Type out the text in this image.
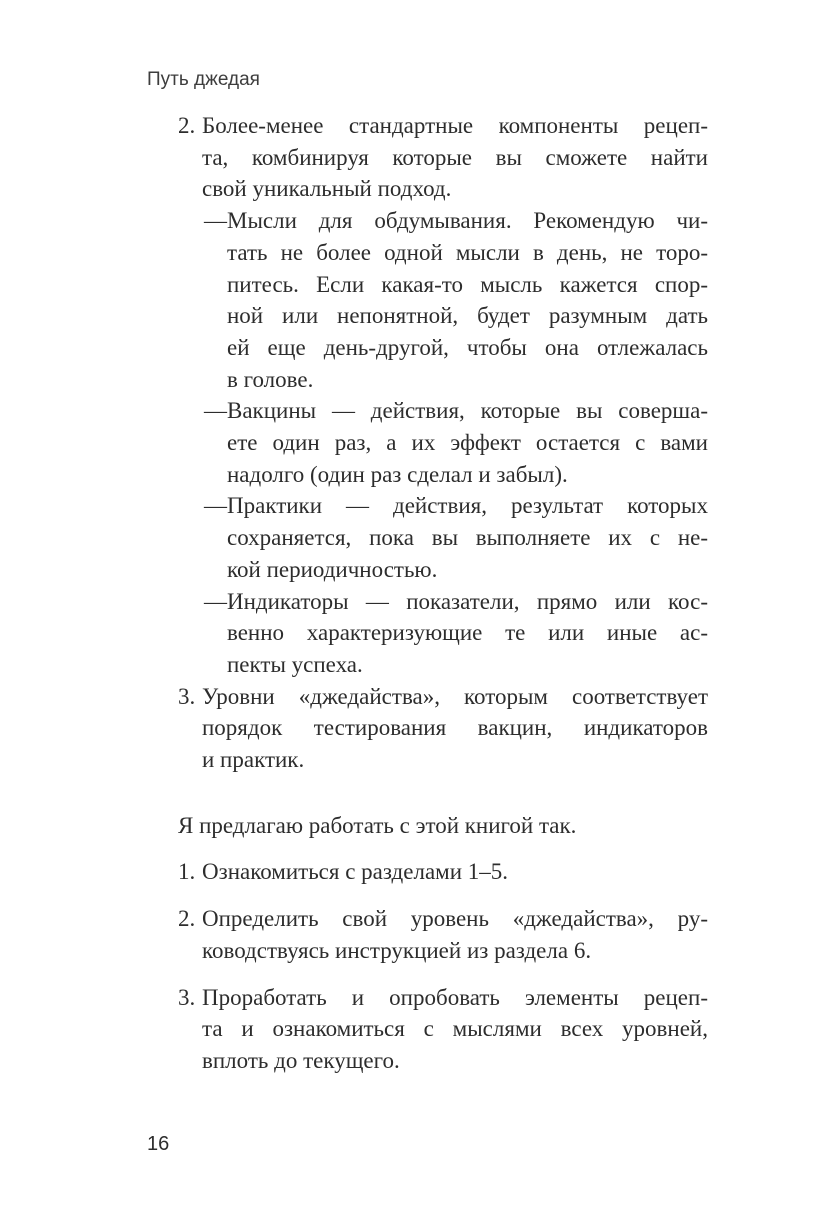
Путь джедая
2. Более-менее стандартные компоненты рецеп-
та, комбинируя которые вы сможете найти
свой уникальный подход.
— Мысли для обдумывания. Рекомендую чи-
тать не более одной мысли в день, не торо-
питесь. Если какая-то мысль кажется спор-
ной или непонятной, будет разумным дать
ей еще день-другой, чтобы она отлежалась
в голове.
— Вакцины — действия, которые вы соверша-
ете один раз, а их эффект остается с вами
надолго (один раз сделал и забыл).
— Практики — действия, результат которых
сохраняется, пока вы выполняете их с не-
кой периодичностью.
— Индикаторы — показатели, прямо или кос-
венно характеризующие те или иные ас-
пекты успеха.
3. Уровни «джедайства», которым соответствует
порядок тестирования вакцин, индикаторов
и практик.
Я предлагаю работать с этой книгой так.
1. Ознакомиться с разделами 1–5.
2. Определить свой уровень «джедайства», ру-
ководствуясь инструкцией из раздела 6.
3. Проработать и опробовать элементы рецеп-
та и ознакомиться с мыслями всех уровней,
вплоть до текущего.
16
